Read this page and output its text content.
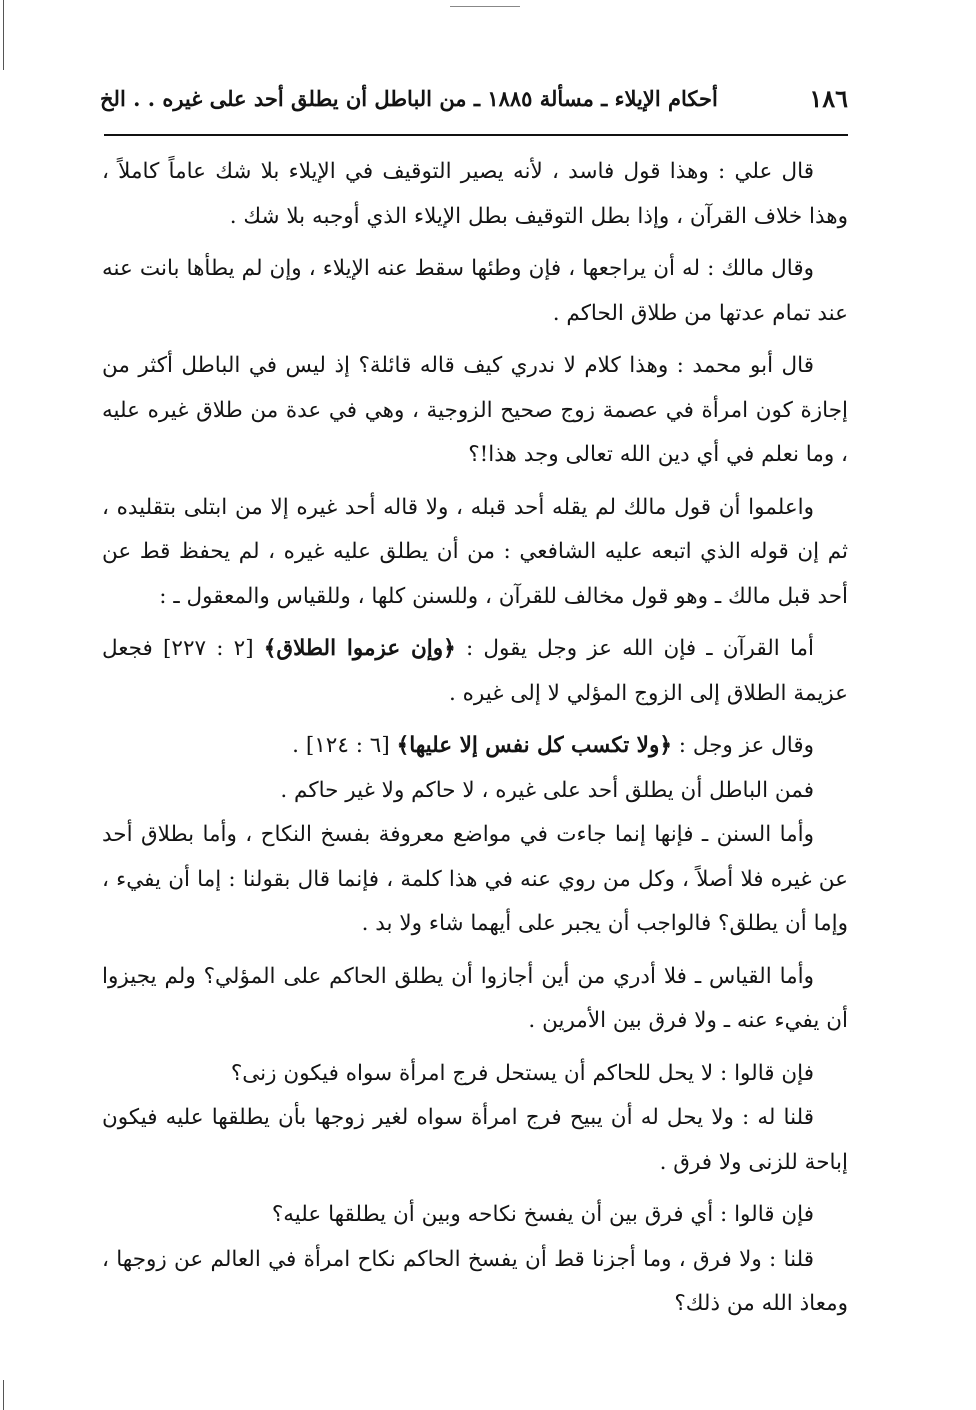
١٨٦
أحكام الإيلاء ـ مسألة ١٨٨٥ ـ من الباطل أن يطلق أحد على غيره . . الخ

قال علي : وهذا قول فاسد ، لأنه يصير التوقيف في الإيلاء بلا شك عاماً كاملاً ، وهذا خلاف القرآن ، وإذا بطل التوقيف بطل الإيلاء الذي أوجبه بلا شك .

وقال مالك : له أن يراجعها ، فإن وطئها سقط عنه الإيلاء ، وإن لم يطأها بانت عنه عند تمام عدتها من طلاق الحاكم .

قال أبو محمد : وهذا كلام لا ندري كيف قاله قائلة؟ إذ ليس في الباطل أكثر من إجازة كون امرأة في عصمة زوج صحيح الزوجية ، وهي في عدة من طلاق غيره عليه ، وما نعلم في أي دين الله تعالى وجد هذا!؟

واعلموا أن قول مالك لم يقله أحد قبله ، ولا قاله أحد غيره إلا من ابتلى بتقليده ، ثم إن قوله الذي اتبعه عليه الشافعي : من أن يطلق عليه غيره ، لم يحفظ قط عن أحد قبل مالك ـ وهو قول مخالف للقرآن ، وللسنن كلها ، وللقياس والمعقول ـ :

أما القرآن ـ فإن الله عز وجل يقول : ﴿وإن عزموا الطلاق﴾ [٢ : ٢٢٧] فجعل عزيمة الطلاق إلى الزوج المؤلي لا إلى غيره .

وقال عز وجل : ﴿ولا تكسب كل نفس إلا عليها﴾ [٦ : ١٢٤] .

فمن الباطل أن يطلق أحد على غيره ، لا حاكم ولا غير حاكم .

وأما السنن ـ فإنها إنما جاءت في مواضع معروفة بفسخ النكاح ، وأما بطلاق أحد عن غيره فلا أصلاً ، وكل من روي عنه في هذا كلمة ، فإنما قال بقولنا : إما أن يفيء ، وإما أن يطلق؟ فالواجب أن يجبر على أيهما شاء ولا بد .

وأما القياس ـ فلا أدري من أين أجازوا أن يطلق الحاكم على المؤلي؟ ولم يجيزوا أن يفيء عنه ـ ولا فرق بين الأمرين .

فإن قالوا : لا يحل للحاكم أن يستحل فرج امرأة سواه فيكون زنى؟

قلنا له : ولا يحل له أن يبيح فرج امرأة سواه لغير زوجها بأن يطلقها عليه فيكون إباحة للزنى ولا فرق .

فإن قالوا : أي فرق بين أن يفسخ نكاحه وبين أن يطلقها عليه؟

قلنا : ولا فرق ، وما أجزنا قط أن يفسخ الحاكم نكاح امرأة في العالم عن زوجها ، ومعاذ الله من ذلك؟
